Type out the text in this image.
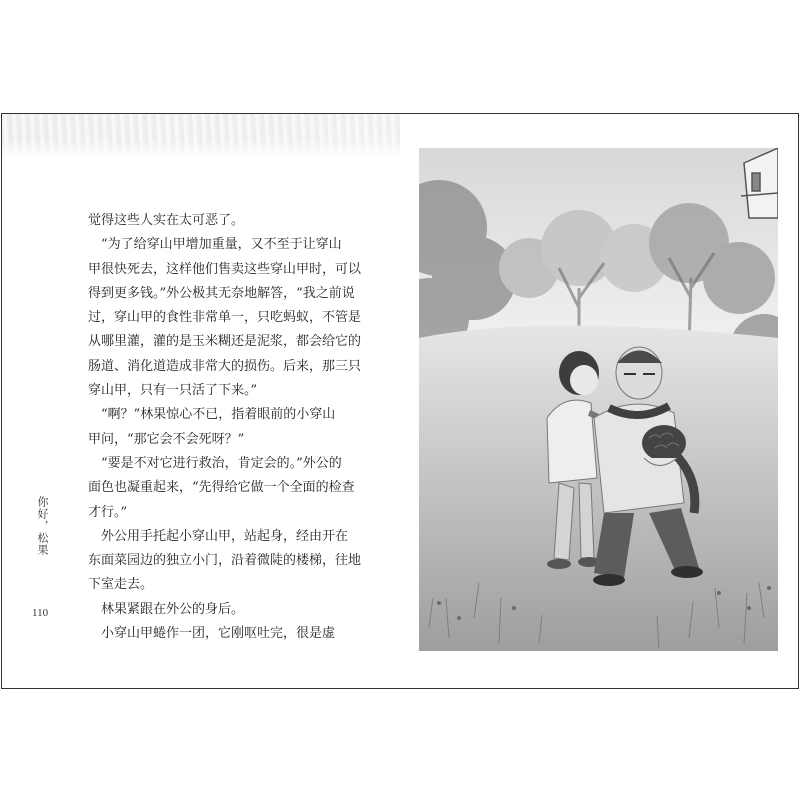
觉得这些人实在太可恶了。

　“为了给穿山甲增加重量，又不至于让穿山

甲很快死去，这样他们售卖这些穿山甲时，可以

得到更多钱。”外公极其无奈地解答，“我之前说

过，穿山甲的食性非常单一，只吃蚂蚁，不管是

从哪里灌，灌的是玉米糊还是泥浆，都会给它的

肠道、消化道造成非常大的损伤。后来，那三只

穿山甲，只有一只活了下来。”

　“啊？”林果惊心不已，指着眼前的小穿山

甲问，“那它会不会死呀？”

　“要是不对它进行救治，肯定会的。”外公的

面色也凝重起来，“先得给它做一个全面的检查

才行。”

　外公用手托起小穿山甲，站起身，经由开在

东面菜园边的独立小门，沿着微陡的楼梯，往地

下室走去。

　林果紧跟在外公的身后。

　小穿山甲蜷作一团，它刚呕吐完，很是虚

你好，松果
110
